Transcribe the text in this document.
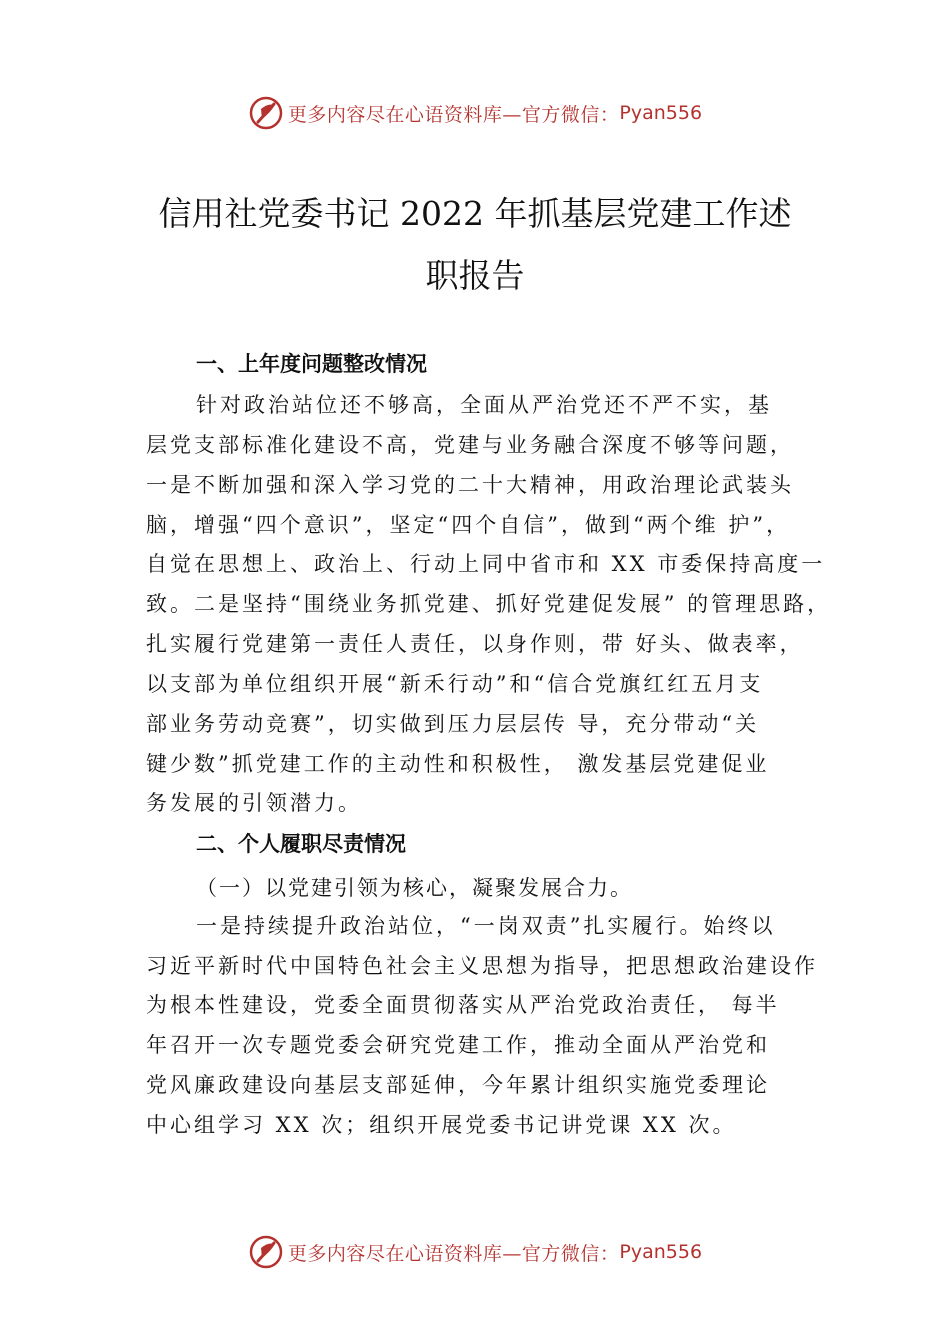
更多内容尽在心语资料库—官方微信： Pyan556
信用社党委书记 2022 年抓基层党建工作述
职报告
一、上年度问题整改情况
针对政治站位还不够高，全面从严治党还不严不实，基
层党支部标准化建设不高，党建与业务融合深度不够等问题，
一是不断加强和深入学习党的二十大精神，用政治理论武装头
脑，增强“四个意识”，坚定“四个自信”，做到“两个维 护”，
自觉在思想上、政治上、行动上同中省市和 XX 市委保持高度一
致。二是坚持“围绕业务抓党建、抓好党建促发展” 的管理思路，
扎实履行党建第一责任人责任，以身作则，带 好头、做表率，
以支部为单位组织开展“新禾行动”和“信合党旗红红五月支
部业务劳动竞赛”，切实做到压力层层传 导，充分带动“关
键少数”抓党建工作的主动性和积极性， 激发基层党建促业
务发展的引领潜力。
二、个人履职尽责情况
（一）以党建引领为核心，凝聚发展合力。
一是持续提升政治站位，“一岗双责”扎实履行。始终以
习近平新时代中国特色社会主义思想为指导，把思想政治建设作
为根本性建设，党委全面贯彻落实从严治党政治责任， 每半
年召开一次专题党委会研究党建工作，推动全面从严治党和
党风廉政建设向基层支部延伸，今年累计组织实施党委理论
中心组学习 XX 次；组织开展党委书记讲党课 XX 次。
更多内容尽在心语资料库—官方微信： Pyan556
